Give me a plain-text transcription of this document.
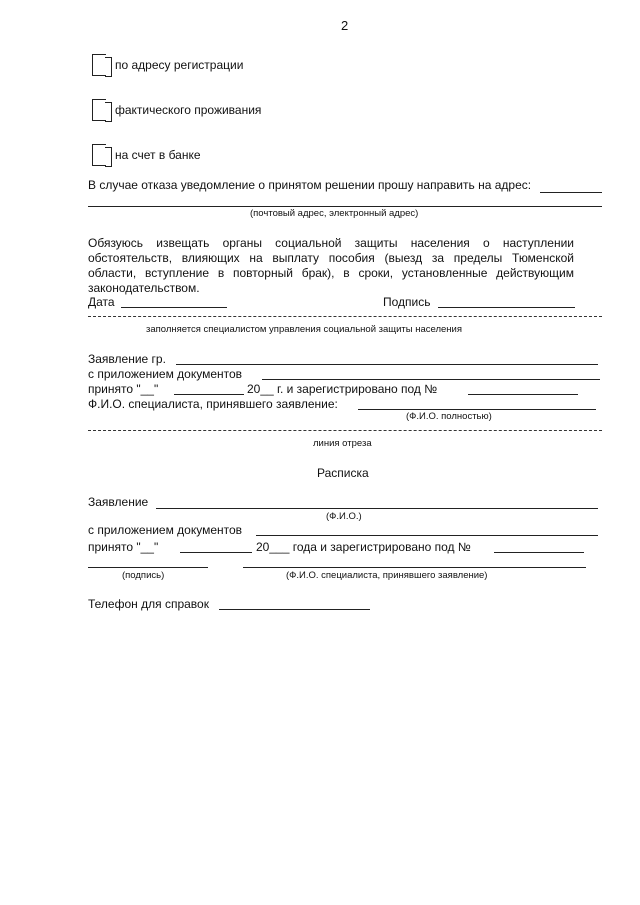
2
по адресу регистрации
фактического проживания
на счет в банке
В случае отказа уведомление о принятом решении прошу направить на адрес:
(почтовый адрес, электронный адрес)
Обязуюсь извещать органы социальной защиты населения о наступлении обстоятельств, влияющих на выплату пособия (выезд за пределы Тюменской области, вступление в повторный брак), в сроки, установленные действующим законодательством.
Дата	Подпись
заполняется специалистом управления социальной защиты населения
Заявление гр.
с приложением документов
принято "__"	20__ г. и зарегистрировано под №
Ф.И.О. специалиста, принявшего заявление:
(Ф.И.О. полностью)
линия отреза
Расписка
Заявление
(Ф.И.О.)
с приложением документов
принято "__"	20___ года и зарегистрировано под №
(подпись)	(Ф.И.О. специалиста, принявшего заявление)
Телефон для справок
